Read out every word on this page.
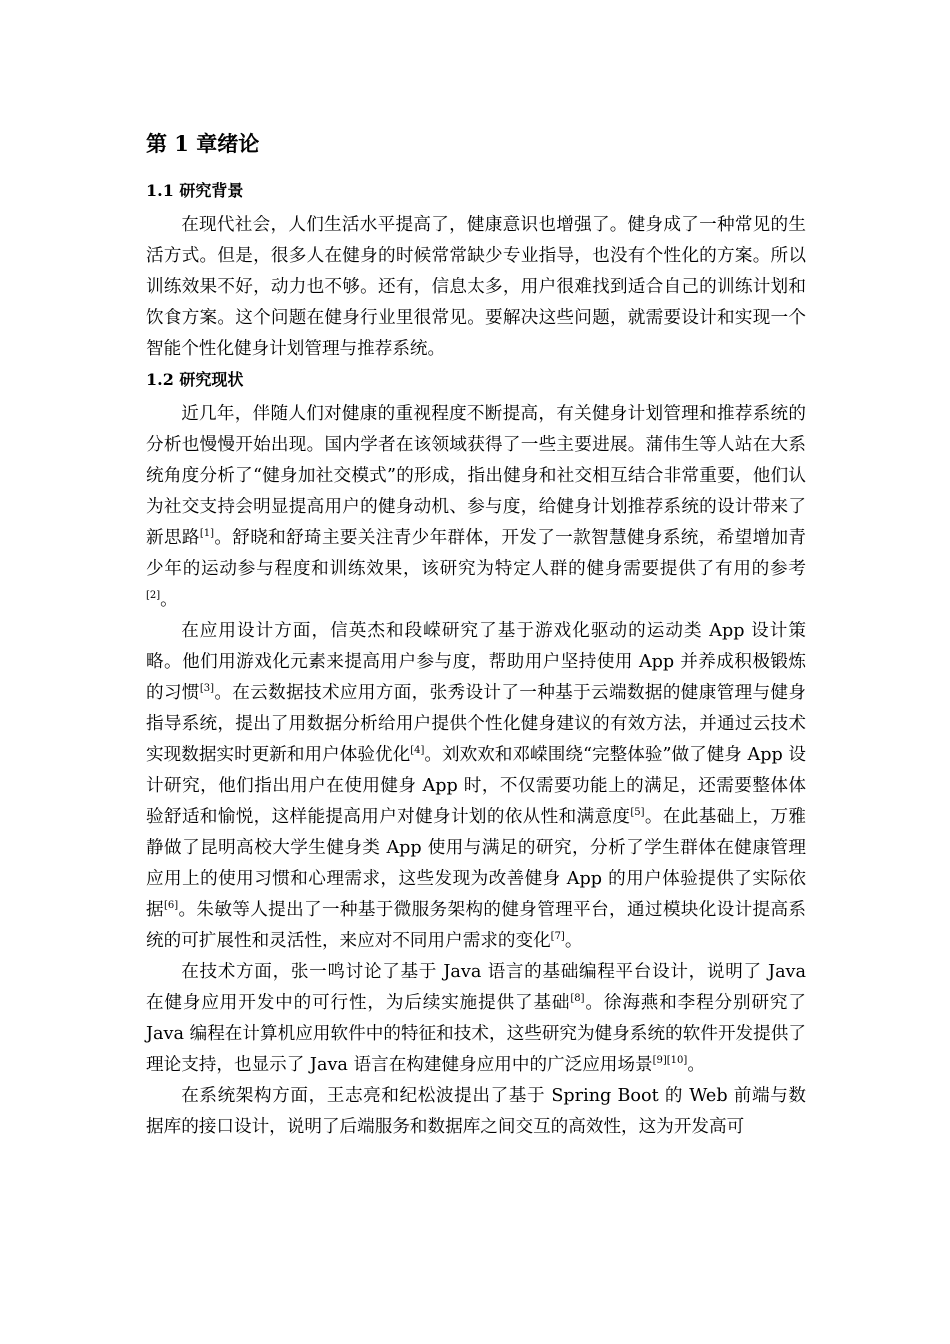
第 1 章绪论
1.1 研究背景

在现代社会，人们生活水平提高了，健康意识也增强了。健身成了一种常见的生活方式。但是，很多人在健身的时候常常缺少专业指导，也没有个性化的方案。所以训练效果不好，动力也不够。还有，信息太多，用户很难找到适合自己的训练计划和饮食方案。这个问题在健身行业里很常见。要解决这些问题，就需要设计和实现一个智能个性化健身计划管理与推荐系统。

1.2 研究现状

近几年，伴随人们对健康的重视程度不断提高，有关健身计划管理和推荐系统的分析也慢慢开始出现。国内学者在该领域获得了一些主要进展。蒲伟生等人站在大系统角度分析了“健身加社交模式”的形成，指出健身和社交相互结合非常重要，他们认为社交支持会明显提高用户的健身动机、参与度，给健身计划推荐系统的设计带来了新思路[1]。舒晓和舒琦主要关注青少年群体，开发了一款智慧健身系统，希望增加青少年的运动参与程度和训练效果，该研究为特定人群的健身需要提供了有用的参考[2]。

在应用设计方面，信英杰和段嵘研究了基于游戏化驱动的运动类 App 设计策略。他们用游戏化元素来提高用户参与度，帮助用户坚持使用 App 并养成积极锻炼的习惯[3]。在云数据技术应用方面，张秀设计了一种基于云端数据的健康管理与健身指导系统，提出了用数据分析给用户提供个性化健身建议的有效方法，并通过云技术实现数据实时更新和用户体验优化[4]。刘欢欢和邓嵘围绕“完整体验”做了健身 App 设计研究，他们指出用户在使用健身 App 时，不仅需要功能上的满足，还需要整体体验舒适和愉悦，这样能提高用户对健身计划的依从性和满意度[5]。在此基础上，万雅静做了昆明高校大学生健身类 App 使用与满足的研究，分析了学生群体在健康管理应用上的使用习惯和心理需求，这些发现为改善健身 App 的用户体验提供了实际依据[6]。朱敏等人提出了一种基于微服务架构的健身管理平台，通过模块化设计提高系统的可扩展性和灵活性，来应对不同用户需求的变化[7]。

在技术方面，张一鸣讨论了基于 Java 语言的基础编程平台设计，说明了 Java 在健身应用开发中的可行性，为后续实施提供了基础[8]。徐海燕和李程分别研究了 Java 编程在计算机应用软件中的特征和技术，这些研究为健身系统的软件开发提供了理论支持，也显示了 Java 语言在构建健身应用中的广泛应用场景[9][10]。

在系统架构方面，王志亮和纪松波提出了基于 Spring Boot 的 Web 前端与数据库的接口设计，说明了后端服务和数据库之间交互的高效性，这为开发高可
